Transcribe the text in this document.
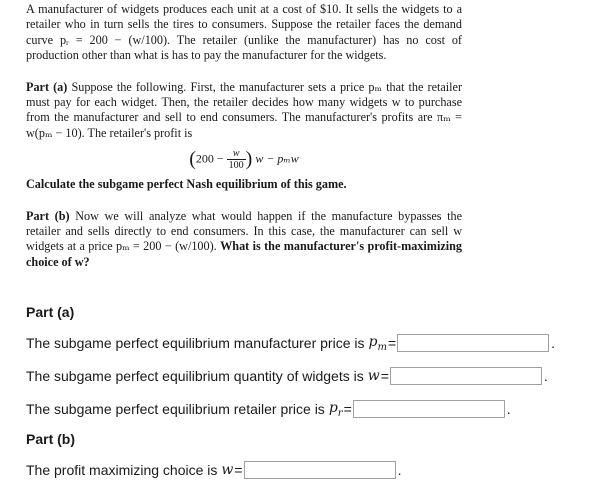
A manufacturer of widgets produces each unit at a cost of $10. It sells the widgets to a retailer who in turn sells the tires to consumers. Suppose the retailer faces the demand curve pᵣ = 200 − (w/100). The retailer (unlike the manufacturer) has no cost of production other than what is has to pay the manufacturer for the widgets.

Part (a) Suppose the following. First, the manufacturer sets a price pₘ that the retailer must pay for each widget. Then, the retailer decides how many widgets w to purchase from the manufacturer and sell to end consumers. The manufacturer's profits are πₘ = w(pₘ − 10). The retailer's profit is

($200 - \frac{w}{100}$ ) w − pₘw

Calculate the subgame perfect Nash equilibrium of this game.

Part (b) Now we will analyze what would happen if the manufacture bypasses the retailer and sells directly to end consumers. In this case, the manufacturer can sell w widgets at a price pₘ = 200 − (w/100). What is the manufacturer's profit-maximizing choice of w?

Part (a)
The subgame perfect equilibrium manufacturer price is $p_m$ =	.
The subgame perfect equilibrium quantity of widgets is w =	.
The subgame perfect equilibrium retailer price is $p_r$ =	.
Part (b)
The profit maximizing choice is w =	.
